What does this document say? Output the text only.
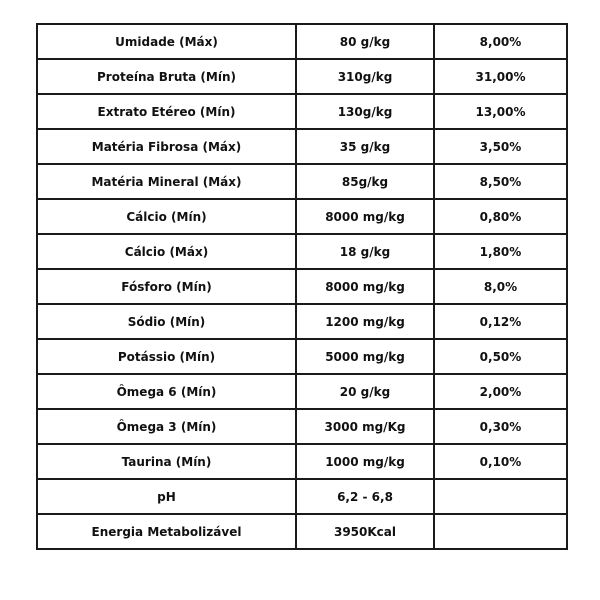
Umidade (Máx)	80 g/kg	8,00%
Proteína Bruta (Mín)	310g/kg	31,00%
Extrato Etéreo (Mín)	130g/kg	13,00%
Matéria Fibrosa (Máx)	35 g/kg	3,50%
Matéria Mineral (Máx)	85g/kg	8,50%
Cálcio (Mín)	8000 mg/kg	0,80%
Cálcio (Máx)	18 g/kg	1,80%
Fósforo (Mín)	8000 mg/kg	8,0%
Sódio (Mín)	1200 mg/kg	0,12%
Potássio (Mín)	5000 mg/kg	0,50%
Ômega 6 (Mín)	20 g/kg	2,00%
Ômega 3 (Mín)	3000 mg/Kg	0,30%
Taurina (Mín)	1000 mg/kg	0,10%
pH	6,2 - 6,8	
Energia Metabolizável	3950Kcal	
